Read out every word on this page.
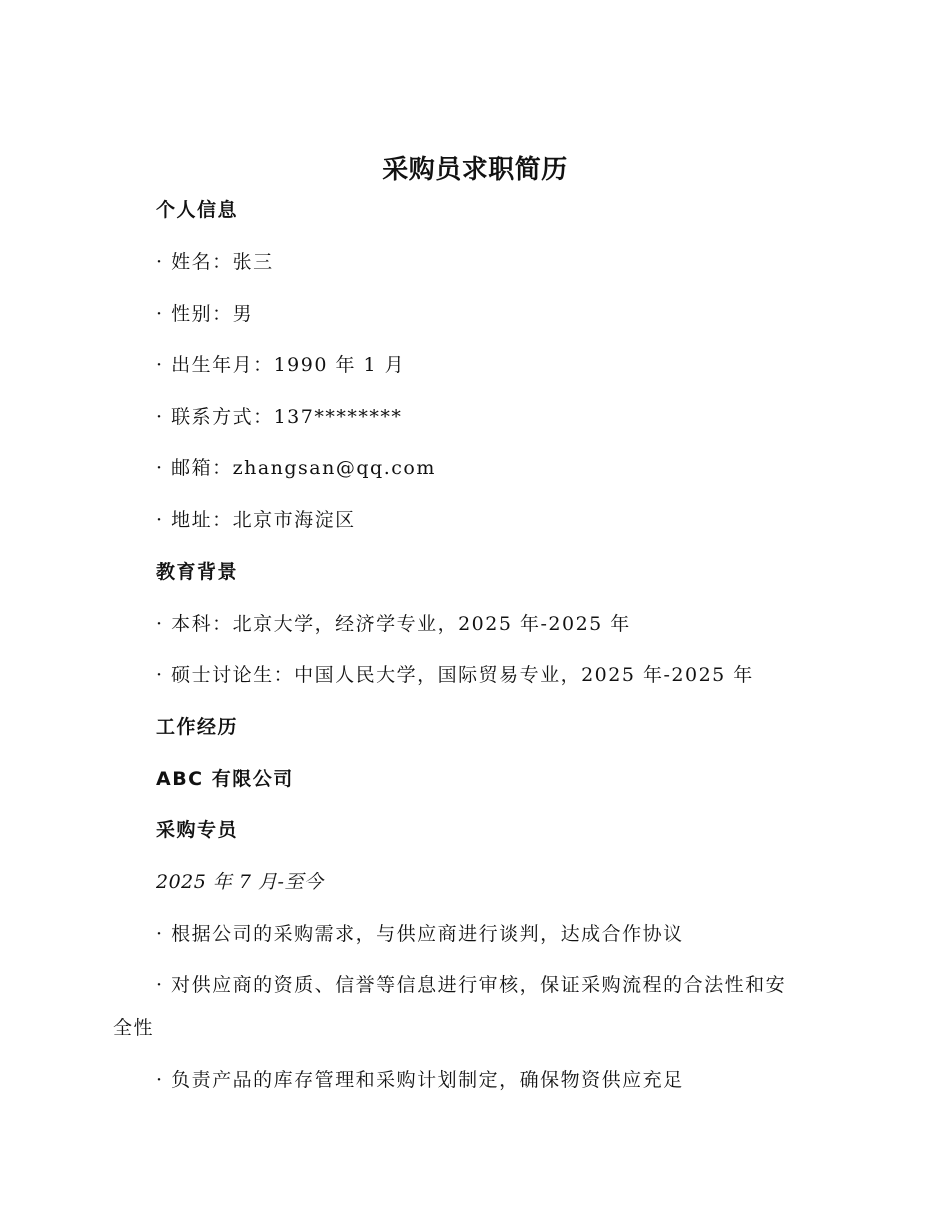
采购员求职简历
个人信息
· 姓名：张三
· 性别：男
· 出生年月：1990 年 1 月
· 联系方式：137********
· 邮箱：zhangsan@qq.com
· 地址：北京市海淀区
教育背景
· 本科：北京大学，经济学专业，2025 年-2025 年
· 硕士讨论生：中国人民大学，国际贸易专业，2025 年-2025 年
工作经历
ABC 有限公司
采购专员
2025 年 7 月-至今
· 根据公司的采购需求，与供应商进行谈判，达成合作协议
· 对供应商的资质、信誉等信息进行审核，保证采购流程的合法性和安
全性
· 负责产品的库存管理和采购计划制定，确保物资供应充足
